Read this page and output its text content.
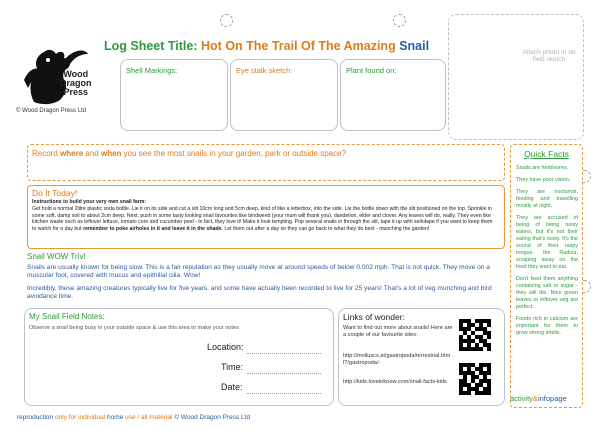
Wood
Dragon
Press
© Wood Dragon Press Ltd
Log Sheet Title: Hot On The Trail Of The Amazing Snail
Shell Markings:	Eye stalk sketch:	Plant found on:
Attach photo or do field sketch
Record where and when you see the most snails in your garden, park or outside space?
Do It Today!
Instructions to build your very own snail farm:
Get hold a normal 2litre plastic soda bottle. Lie it on its side and cut a slit 10cm long and 5cm deep, kind of like a letterbox, into the side. Lie the bottle down with the slit positioned on the top. Sprinkle in some soft, damp soil to about 2cm deep. Next, push in some tasty looking snail favourites like bindweed (your mum will thank you), dandelion, elder and clover. Any leaves will do, really. They even like kitchen waste such as leftover lettuce, tomato core and cucumber peel - in fact, they love it! Make it look tempting. Pop several snails in through the slit, tape it up with sellotape if you want to keep them to watch for a day but remember to poke airholes in it and leave it in the shade. Let them out after a day so they can go back to what they do best - munching the garden!
Snail WOW Triv!
Snails are usually known for being slow. This is a fair reputation as they usually move at around speeds of below 0.002 mph. That is not quick. They move on a muscular foot, covered with mucus and epithilial cilia. Wow!
Incredibly, these amazing creatures typically live for five years, and some have actually been recorded to live for 25 years! That's a lot of veg munching and bird avoidance time.
My Snail Field Notes:
Observe a snail being busy in your outside space & use this area to make your notes
Location:
Time:
Date:
Links of wonder:
Want to find out more about snails! Here are a couple of our favourite sites:
http://molluscs.at/gastropoda/terrestrial.html?/gastropoda/-
http://kids.lovetoknow.com/snail-facts-kids
Quick Facts

Snails are herbivores.

They have poor vision.

They are nocturnal, feeding and travelling mostly at night.

They are accused of being of being noisy eaters, but it's not their eating that's noisy. It's the sound of their raspy tongue, the Radula, scraping away on the food they want to eat.

Don't feed them anything containing salt or sugar - they will die. Nice green leaves or leftover veg are perfect.

Foods rich in calcium are important for them to grow strong shells.

activity&infopage
reproduction only for individual home use / all material © Wood Dragon Press Ltd
